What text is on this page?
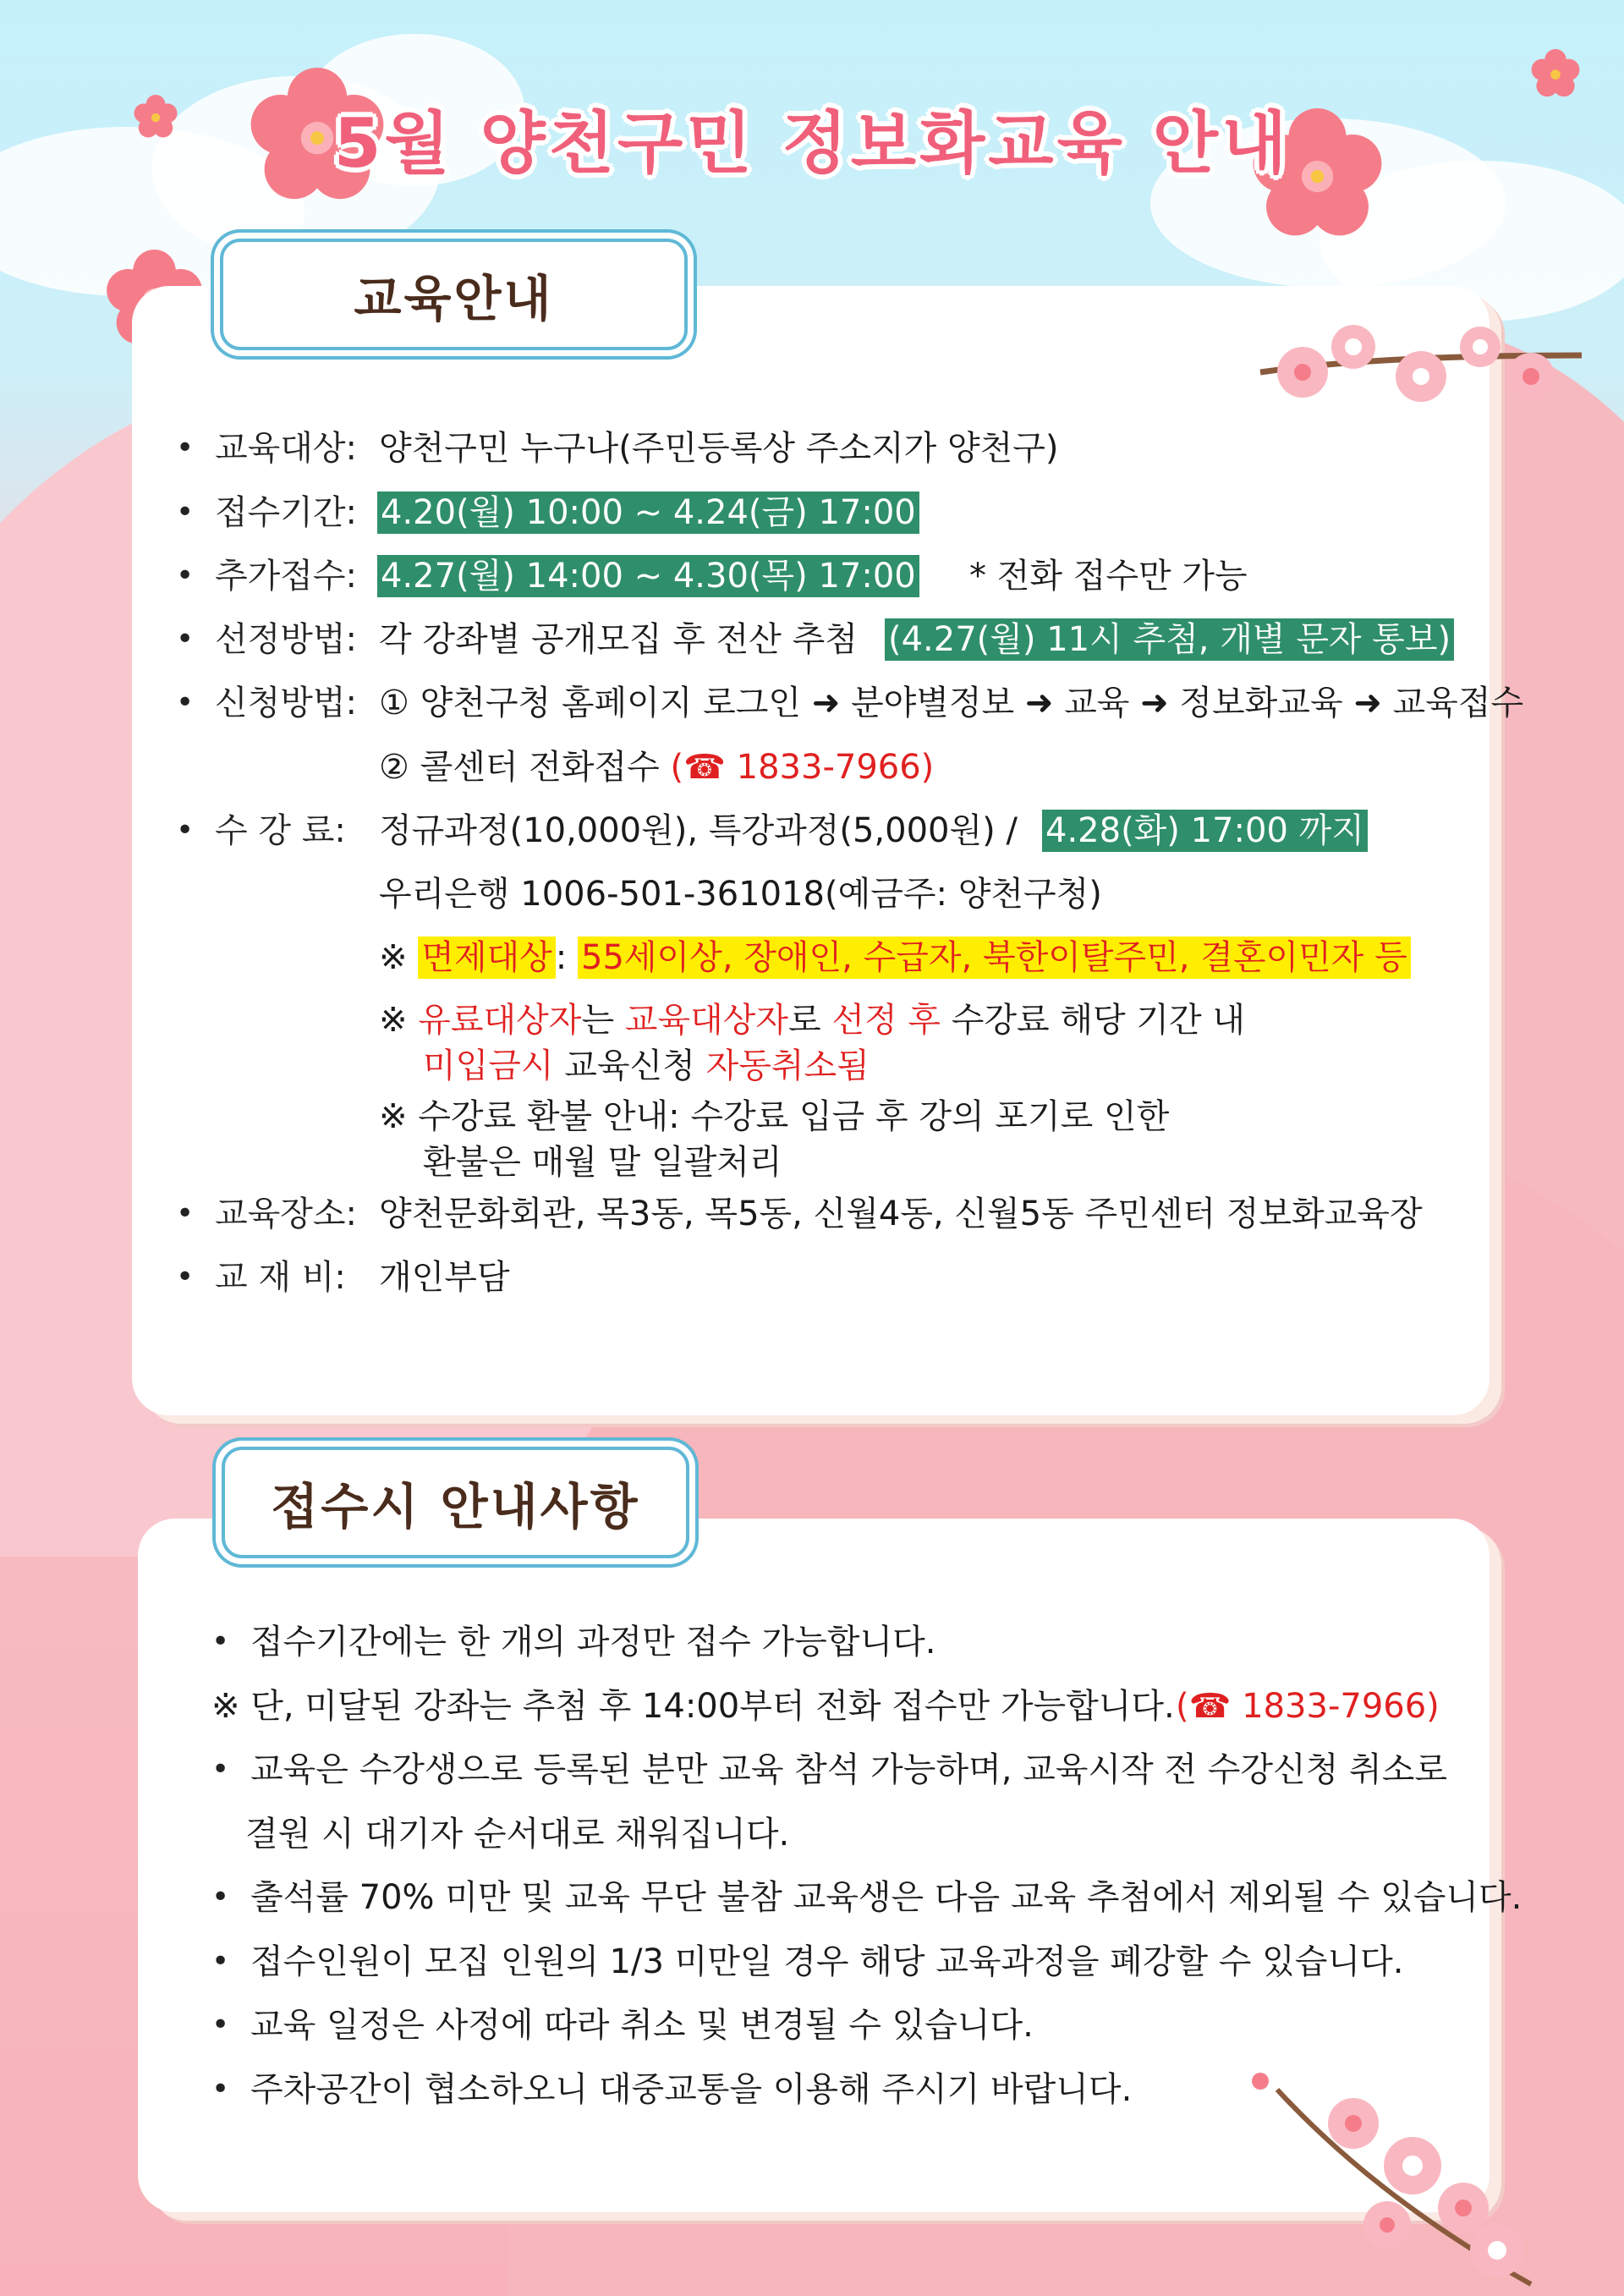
5월 양천구민 정보화교육 안내
교육안내
• 교육대상: 양천구민 누구나(주민등록상 주소지가 양천구)
• 접수기간: 4.20(월) 10:00 ~ 4.24(금) 17:00
• 추가접수: 4.27(월) 14:00 ~ 4.30(목) 17:00 * 전화 접수만 가능
• 선정방법: 각 강좌별 공개모집 후 전산 추첨 (4.27(월) 11시 추첨, 개별 문자 통보)
• 신청방법: ① 양천구청 홈페이지 로그인 ➜ 분야별정보 ➜ 교육 ➜ 정보화교육 ➜ 교육접수
② 콜센터 전화접수 (☎ 1833-7966)
• 수 강 료: 정규과정(10,000원), 특강과정(5,000원) / 4.28(화) 17:00 까지
우리은행 1006-501-361018(예금주: 양천구청)
※ 면제대상 : 55세이상, 장애인, 수급자, 북한이탈주민, 결혼이민자 등
※ 유료대상자는 교육대상자로 선정 후 수강료 해당 기간 내
미입금시 교육신청 자동취소됨
※ 수강료 환불 안내: 수강료 입금 후 강의 포기로 인한
환불은 매월 말 일괄처리
• 교육장소: 양천문화회관, 목3동, 목5동, 신월4동, 신월5동 주민센터 정보화교육장
• 교 재 비: 개인부담
접수시 안내사항
• 접수기간에는 한 개의 과정만 접수 가능합니다.
※ 단, 미달된 강좌는 추첨 후 14:00부터 전화 접수만 가능합니다. (☎ 1833-7966)
• 교육은 수강생으로 등록된 분만 교육 참석 가능하며, 교육시작 전 수강신청 취소로
결원 시 대기자 순서대로 채워집니다.
• 출석률 70% 미만 및 교육 무단 불참 교육생은 다음 교육 추첨에서 제외될 수 있습니다.
• 접수인원이 모집 인원의 1/3 미만일 경우 해당 교육과정을 폐강할 수 있습니다.
• 교육 일정은 사정에 따라 취소 및 변경될 수 있습니다.
• 주차공간이 협소하오니 대중교통을 이용해 주시기 바랍니다.
